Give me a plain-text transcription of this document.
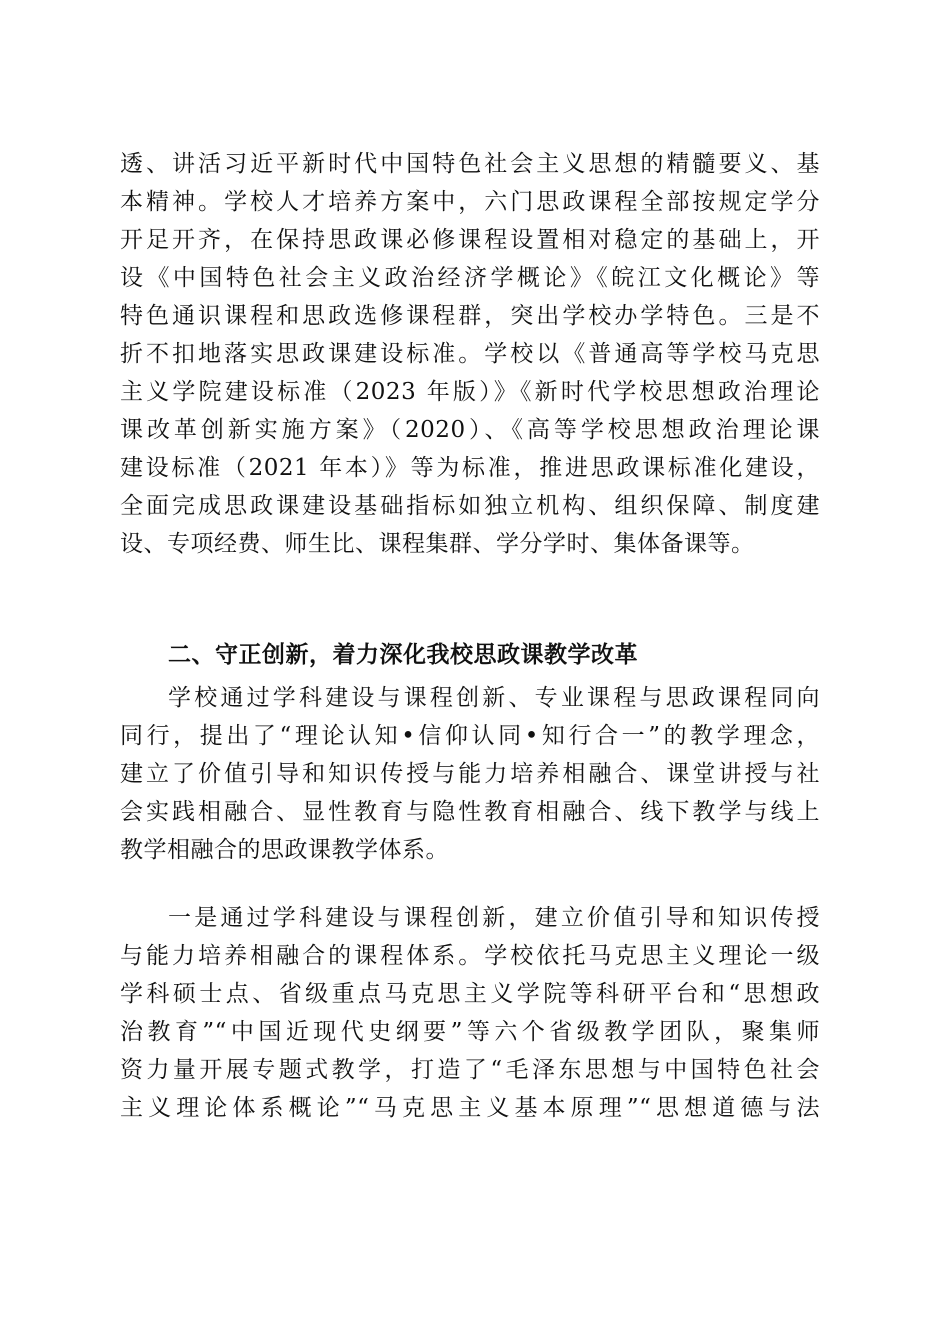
透、讲活习近平新时代中国特色社会主义思想的精髓要义、基
本精神。学校人才培养方案中，六门思政课程全部按规定学分
开足开齐，在保持思政课必修课程设置相对稳定的基础上，开
设《中国特色社会主义政治经济学概论》《皖江文化概论》等
特色通识课程和思政选修课程群，突出学校办学特色。三是不
折不扣地落实思政课建设标准。学校以《普通高等学校马克思
主义学院建设标准（2023 年版）》《新时代学校思想政治理论
课改革创新实施方案》（2020）、《高等学校思想政治理论课
建设标准（2021 年本）》等为标准，推进思政课标准化建设，
全面完成思政课建设基础指标如独立机构、组织保障、制度建
设、专项经费、师生比、课程集群、学分学时、集体备课等。
二、守正创新，着力深化我校思政课教学改革
学校通过学科建设与课程创新、专业课程与思政课程同向
同行，提出了“理论认知•信仰认同•知行合一”的教学理念，
建立了价值引导和知识传授与能力培养相融合、课堂讲授与社
会实践相融合、显性教育与隐性教育相融合、线下教学与线上
教学相融合的思政课教学体系。
一是通过学科建设与课程创新，建立价值引导和知识传授
与能力培养相融合的课程体系。学校依托马克思主义理论一级
学科硕士点、省级重点马克思主义学院等科研平台和“思想政
治教育”“中国近现代史纲要”等六个省级教学团队，聚集师
资力量开展专题式教学，打造了“毛泽东思想与中国特色社会
主义理论体系概论”“马克思主义基本原理”“思想道德与法
